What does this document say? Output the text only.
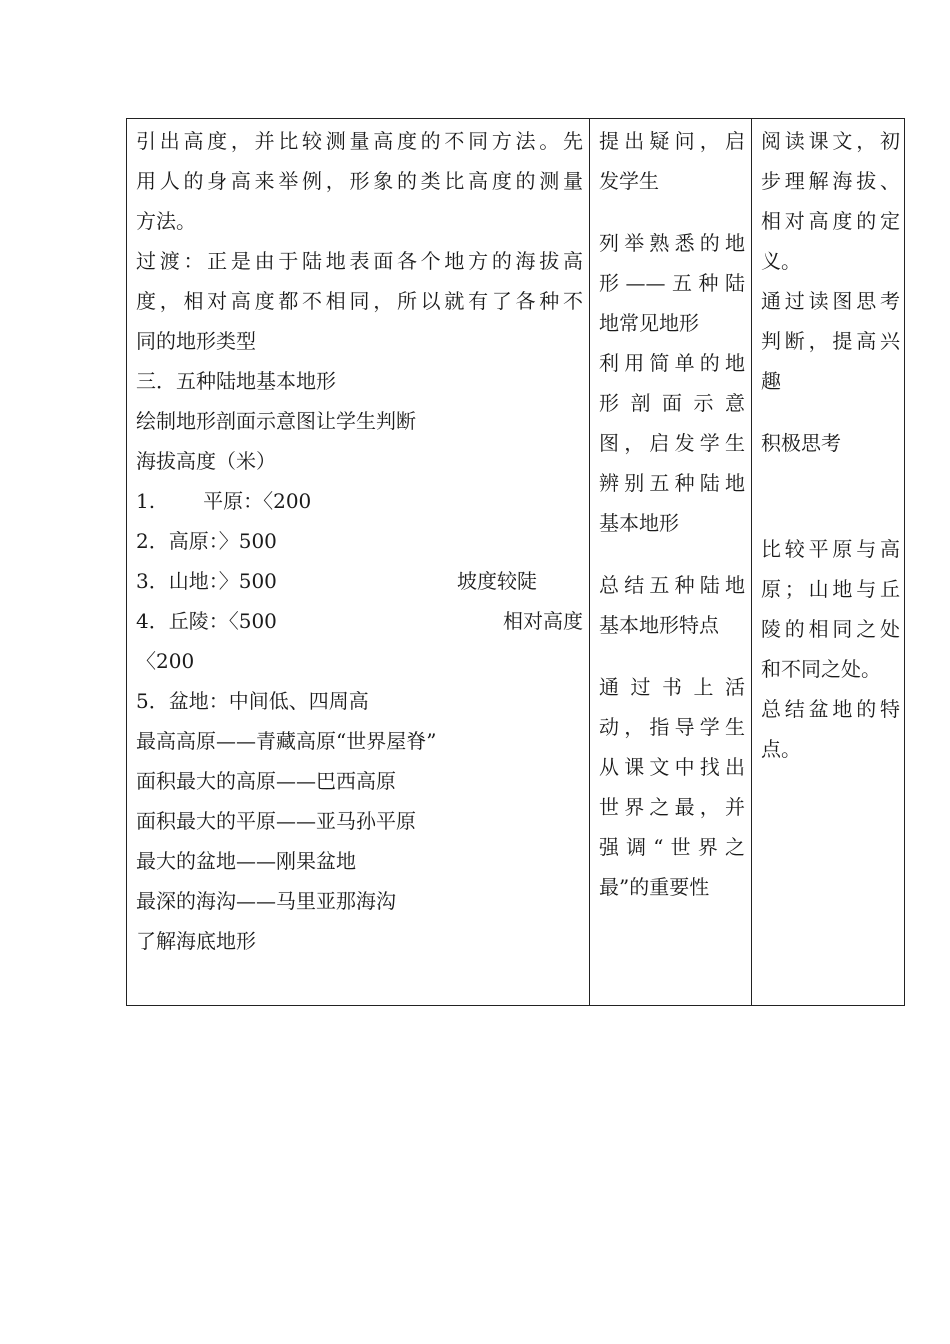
引出高度，并比较测量高度的不同方法。先
用人的身高来举例，形象的类比高度的测量
方法。
过渡：正是由于陆地表面各个地方的海拔高
度，相对高度都不相同，所以就有了各种不
同的地形类型
三．五种陆地基本地形
绘制地形剖面示意图让学生判断
海拔高度（米）
1. 平原：〈200
2．高原：〉500
3．山地：〉500	坡度较陡
4．丘陵：〈500	相对高度
〈200
5．盆地：中间低、四周高
最高高原——青藏高原“世界屋脊”
面积最大的高原——巴西高原
面积最大的平原——亚马孙平原
最大的盆地——刚果盆地
最深的海沟——马里亚那海沟
了解海底地形

提出疑问，启
发学生
列举熟悉的地
形——五种陆
地常见地形
利用简单的地
形剖面示意
图，启发学生
辨别五种陆地
基本地形
总结五种陆地
基本地形特点
通过书上活
动，指导学生
从课文中找出
世界之最，并
强调“世界之
最”的重要性

阅读课文，初
步理解海拔、
相对高度的定
义。
通过读图思考
判断，提高兴
趣
积极思考
比较平原与高
原；山地与丘
陵的相同之处
和不同之处。
总结盆地的特
点。
